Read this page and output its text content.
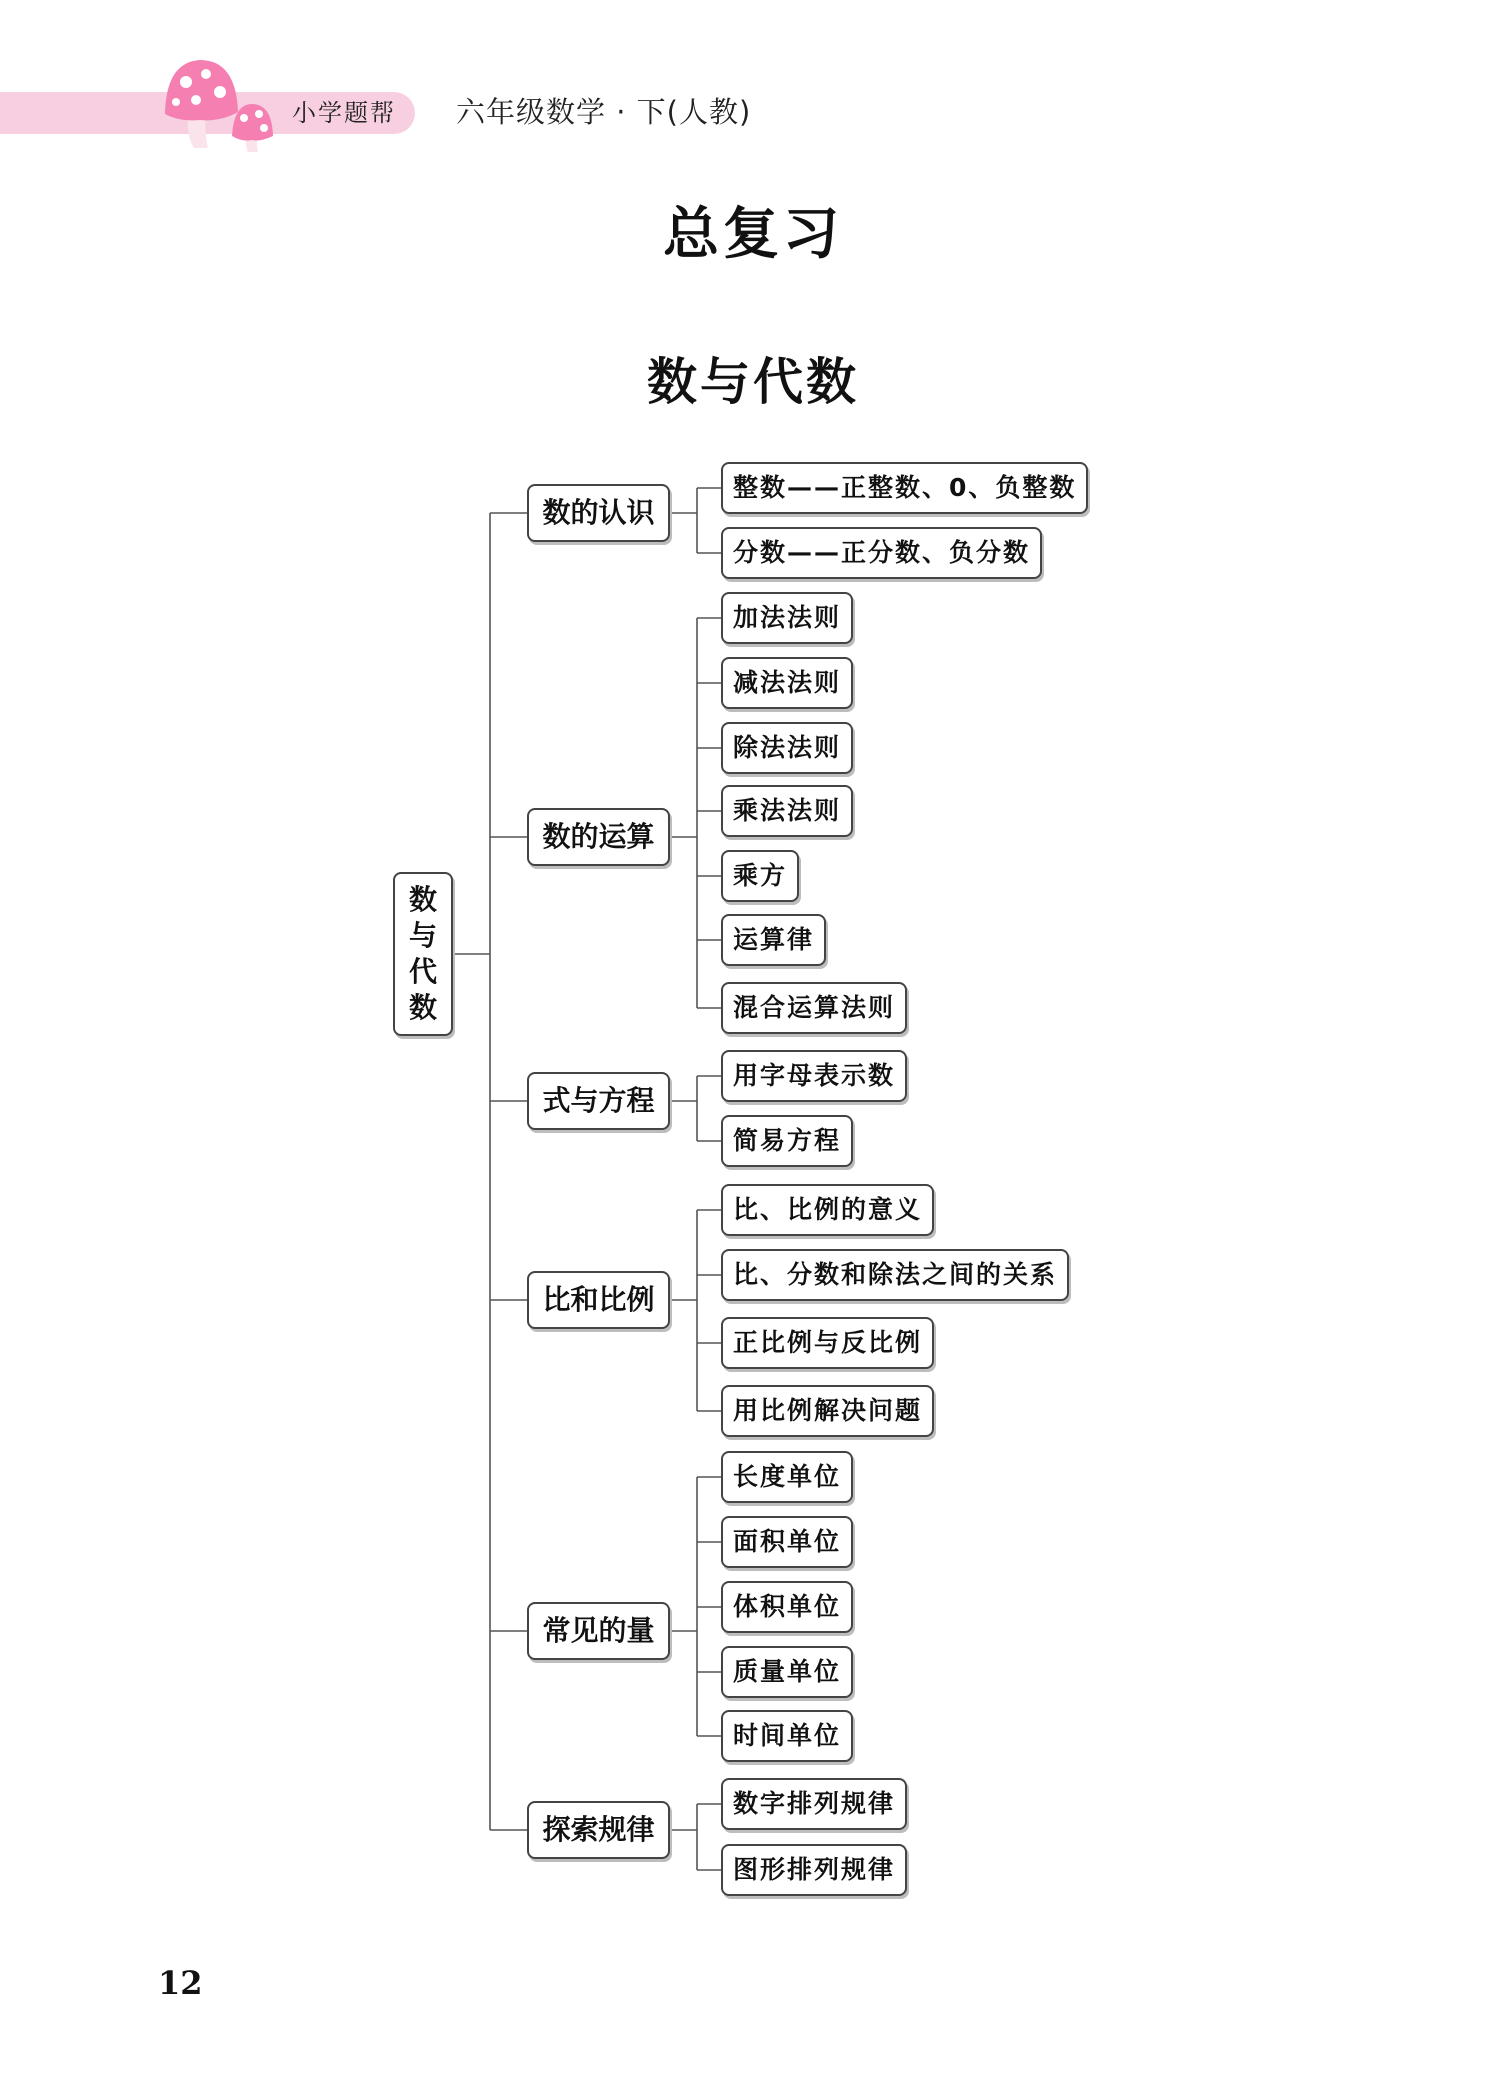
小学题帮 六年级数学 · 下(人教)
总复习
数与代数
数与代数
数的认识
数的运算
式与方程
比和比例
常见的量
探索规律
整数——正整数、0、负整数
分数——正分数、负分数
加法法则
减法法则
除法法则
乘法法则
乘方
运算律
混合运算法则
用字母表示数
简易方程
比、比例的意义
比、分数和除法之间的关系
正比例与反比例
用比例解决问题
长度单位
面积单位
体积单位
质量单位
时间单位
数字排列规律
图形排列规律
12
